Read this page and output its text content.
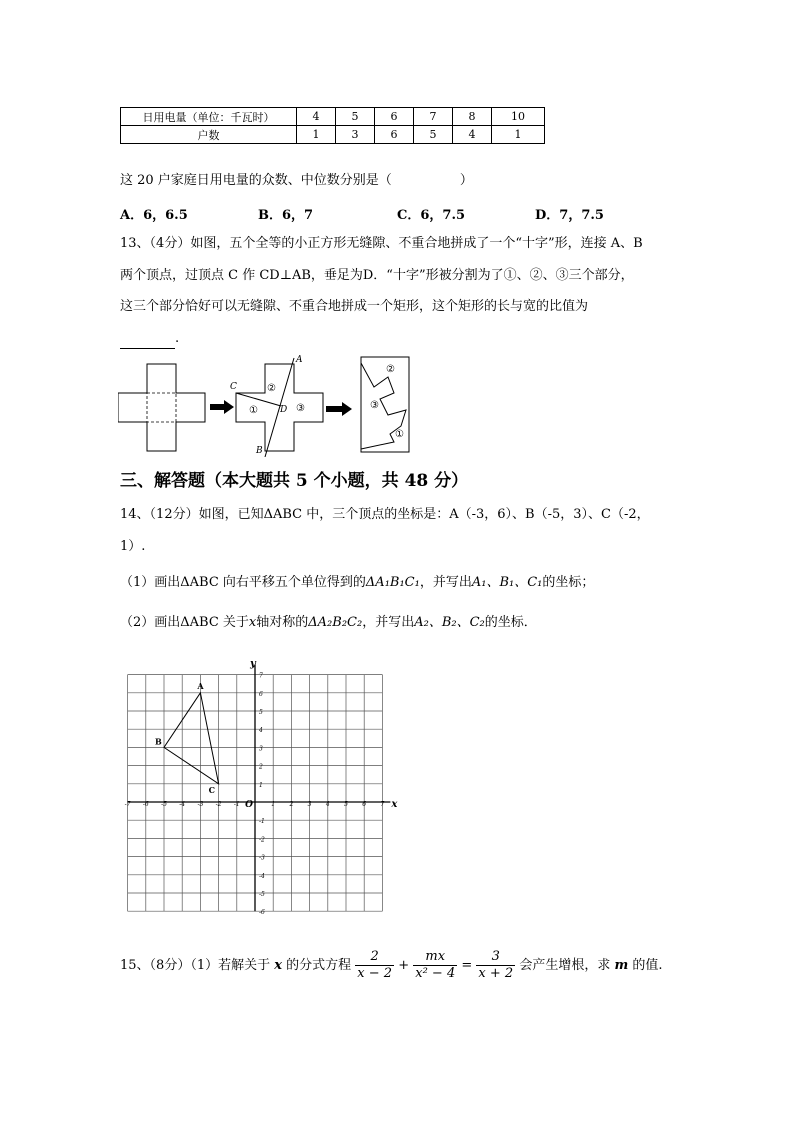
日用电量（单位：千瓦时）	4	5	6	7	8	10
户数	1	3	6	5	4	1
这 20 户家庭日用电量的众数、中位数分别是（	）
A．6，6.5	B．6，7	C．6，7.5	D．7，7.5
13、（4分）如图，五个全等的小正方形无缝隙、不重合地拼成了一个“十字”形，连接 A、B
两个顶点，过顶点 C 作 CD⊥AB，垂足为D．“十字”形被分割为了①、②、③三个部分，
这三个部分恰好可以无缝隙、不重合地拼成一个矩形，这个矩形的长与宽的比值为
.
A
B
C
D
②
①	③
②
③
①
三、解答题（本大题共 5 个小题，共 48 分）
14、（12分）如图，已知ΔABC 中，三个顶点的坐标是：A（-3，6）、B（-5，3）、C（-2，
1）.
（1）画出ΔABC 向右平移五个单位得到的ΔA₁B₁C₁，并写出A₁、B₁、C₁的坐标；
（2）画出ΔABC 关于x轴对称的ΔA₂B₂C₂，并写出A₂、B₂、C₂的坐标．
-7 -6 -5 -4 -3 -2 -1	1 2 3 4 5 6 7
7
6
5
4
3
2
1
-1
-2
-3
-4
-5
-6
O	x
y
A
B
C
15、（8分）（1）若解关于 x 的分式方程 $\frac{2}{x - 2} + \frac{mx}{\text{x² − 4}} = \frac{3}{x + 2}$ 会产生增根，求 m 的值.
